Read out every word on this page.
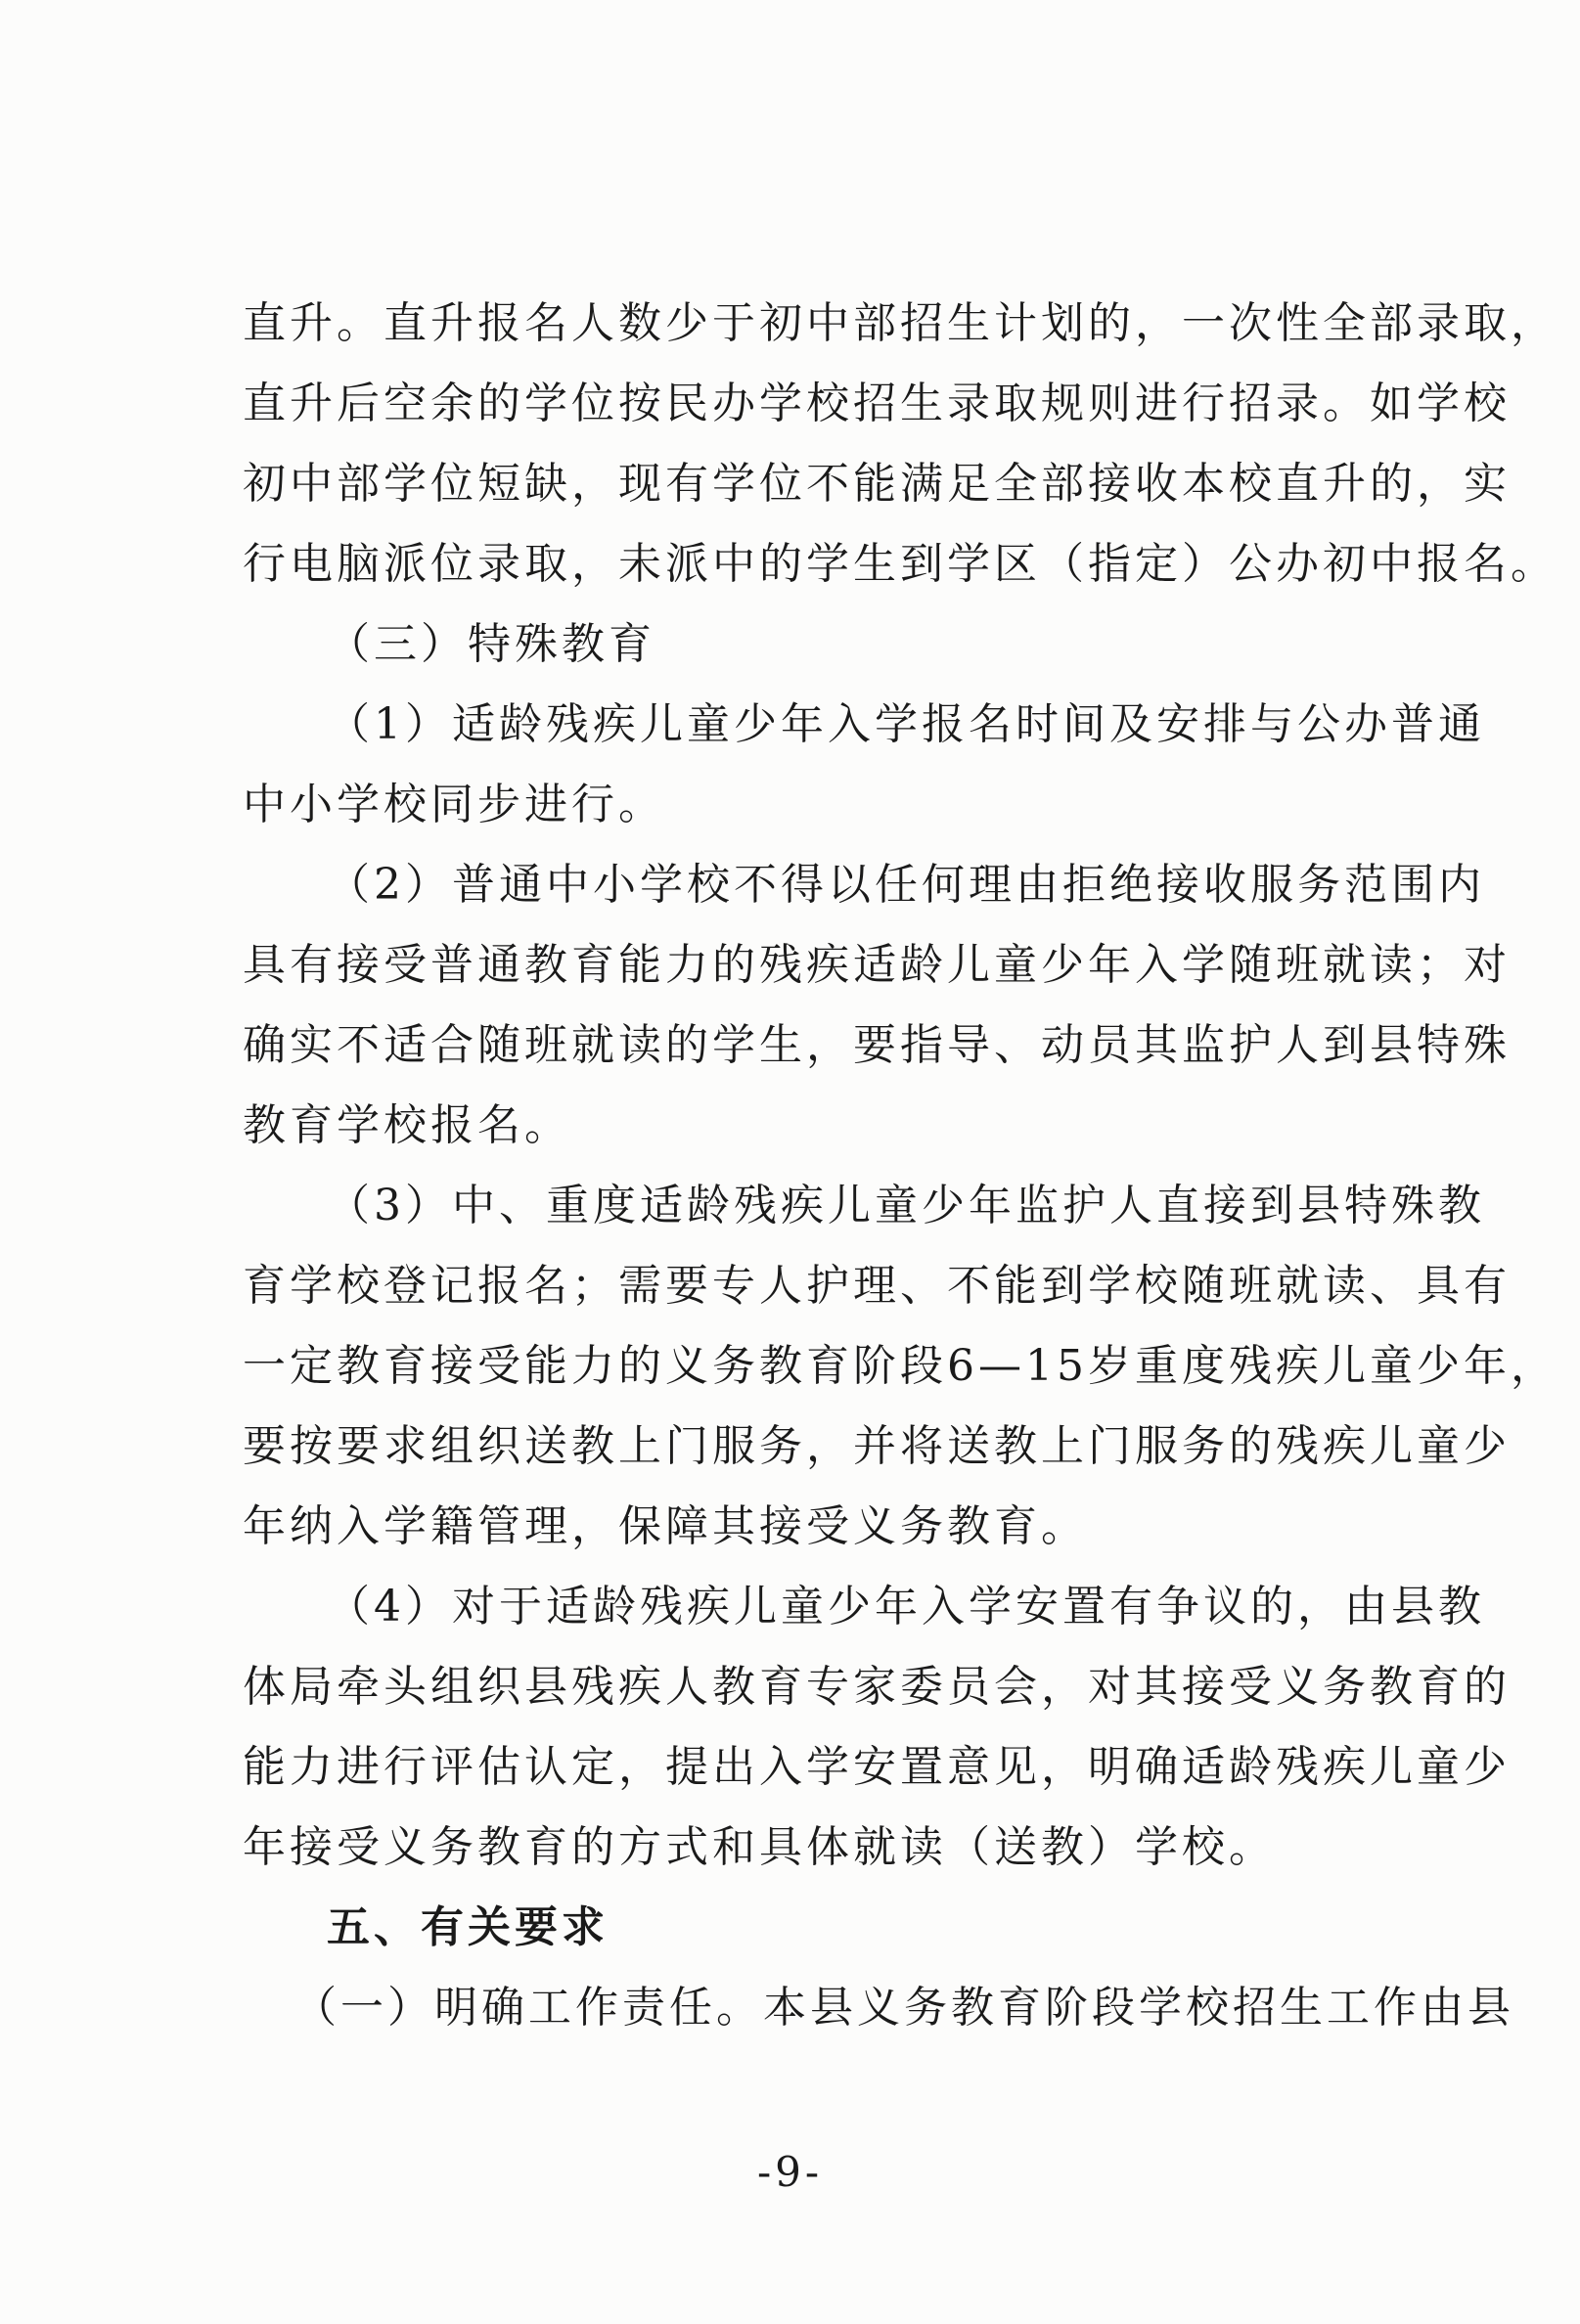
直升。直升报名人数少于初中部招生计划的，一次性全部录取，
直升后空余的学位按民办学校招生录取规则进行招录。如学校
初中部学位短缺，现有学位不能满足全部接收本校直升的，实
行电脑派位录取，未派中的学生到学区（指定）公办初中报名。
（三）特殊教育
（1）适龄残疾儿童少年入学报名时间及安排与公办普通
中小学校同步进行。
（2）普通中小学校不得以任何理由拒绝接收服务范围内
具有接受普通教育能力的残疾适龄儿童少年入学随班就读；对
确实不适合随班就读的学生，要指导、动员其监护人到县特殊
教育学校报名。
（3）中、重度适龄残疾儿童少年监护人直接到县特殊教
育学校登记报名；需要专人护理、不能到学校随班就读、具有
一定教育接受能力的义务教育阶段6—15岁重度残疾儿童少年，
要按要求组织送教上门服务，并将送教上门服务的残疾儿童少
年纳入学籍管理，保障其接受义务教育。
（4）对于适龄残疾儿童少年入学安置有争议的，由县教
体局牵头组织县残疾人教育专家委员会，对其接受义务教育的
能力进行评估认定，提出入学安置意见，明确适龄残疾儿童少
年接受义务教育的方式和具体就读（送教）学校。
五、有关要求
（一）明确工作责任。本县义务教育阶段学校招生工作由县
-9-
